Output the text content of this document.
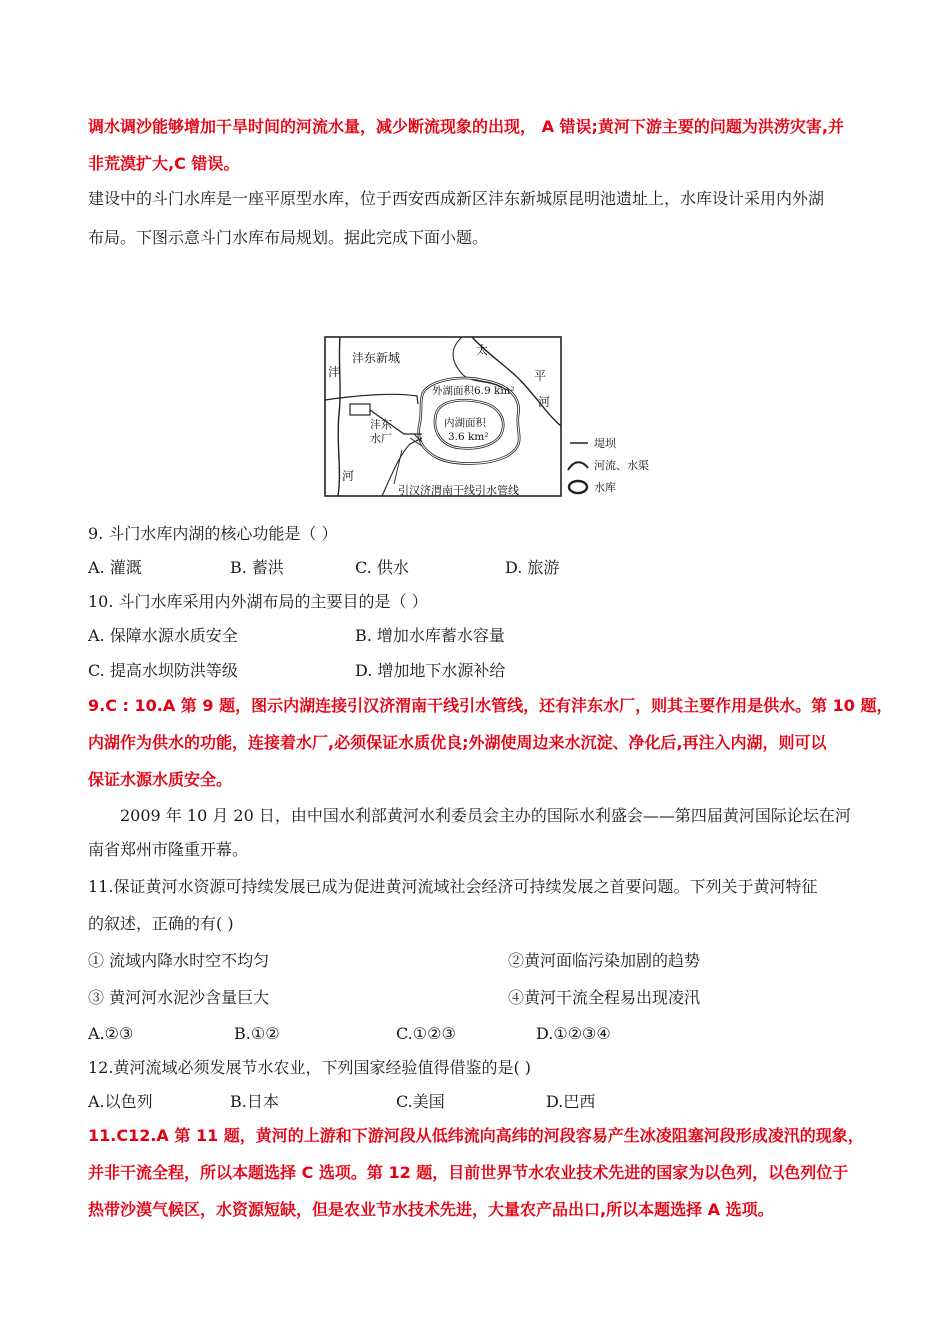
调水调沙能够增加干旱时间的河流水量，减少断流现象的出现， A 错误;黄河下游主要的问题为洪涝灾害,并
非荒漠扩大,C 错误。
建设中的斗门水库是一座平原型水库，位于西安西成新区沣东新城原昆明池遗址上，水库设计采用内外湖
布局。下图示意斗门水库布局规划。据此完成下面小题。
沣东新城
沣
河
太
平
河
外湖面积6.9 km²
内湖面积
3.6 km²
沣东
水厂
引汉济渭南干线引水管线
堤坝
河流、水渠
水库
9. 斗门水库内湖的核心功能是（ ）
A. 灌溉	B. 蓄洪	C. 供水	D. 旅游
10. 斗门水库采用内外湖布局的主要目的是（ ）
A. 保障水源水质安全	B. 增加水库蓄水容量
C. 提高水坝防洪等级	D. 增加地下水源补给
9.C : 10.A 第 9 题，图示内湖连接引汉济渭南干线引水管线，还有沣东水厂，则其主要作用是供水。第 10 题，
内湖作为供水的功能，连接着水厂,必须保证水质优良;外湖使周边来水沉淀、净化后,再注入内湖，则可以
保证水源水质安全。
2009 年 10 月 20 日，由中国水利部黄河水利委员会主办的国际水利盛会——第四届黄河国际论坛在河
南省郑州市隆重开幕。
11.保证黄河水资源可持续发展已成为促进黄河流域社会经济可持续发展之首要问题。下列关于黄河特征
的叙述，正确的有( )
① 流域内降水时空不均匀	②黄河面临污染加剧的趋势
③ 黄河河水泥沙含量巨大	④黄河干流全程易出现凌汛
A.②③	B.①②	C.①②③	D.①②③④
12.黄河流域必须发展节水农业，下列国家经验值得借鉴的是( )
A.以色列	B.日本	C.美国	D.巴西
11.C12.A 第 11 题，黄河的上游和下游河段从低纬流向高纬的河段容易产生冰凌阻塞河段形成凌汛的现象，
并非干流全程，所以本题选择 C 选项。第 12 题，目前世界节水农业技术先进的国家为以色列，以色列位于
热带沙漠气候区，水资源短缺，但是农业节水技术先进，大量农产品出口,所以本题选择 A 选项。
